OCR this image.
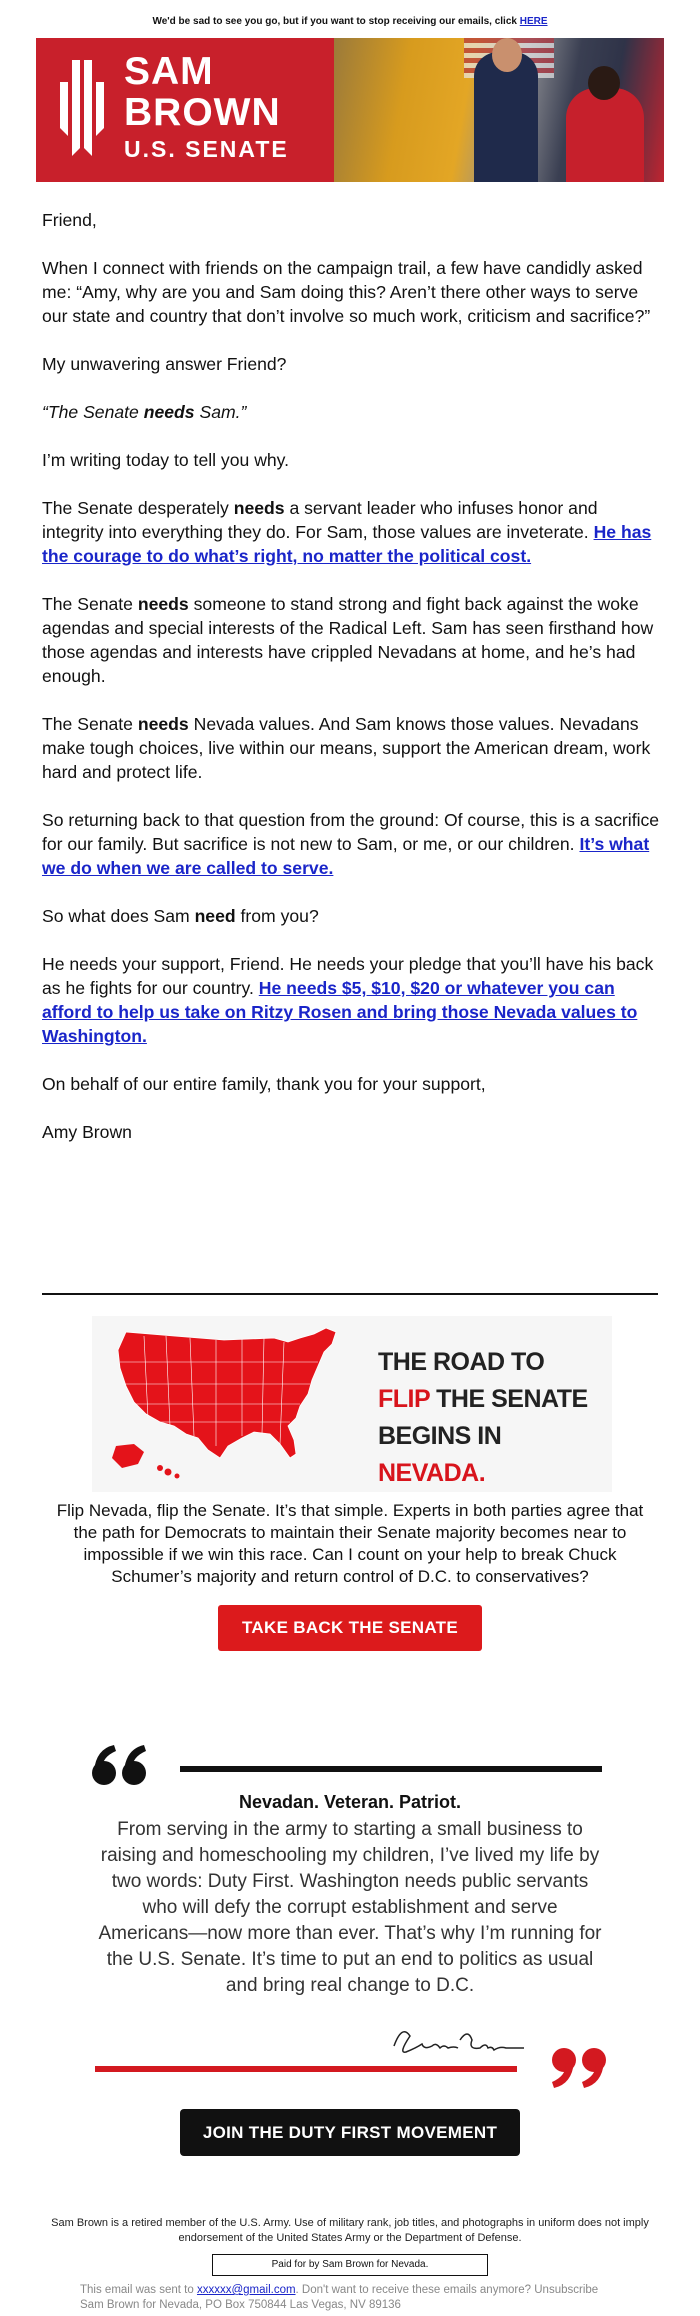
We'd be sad to see you go, but if you want to stop receiving our emails, click HERE
SAM
BROWN
U.S. SENATE

Friend,

When I connect with friends on the campaign trail, a few have candidly asked me: “Amy, why are you and Sam doing this? Aren’t there other ways to serve our state and country that don’t involve so much work, criticism and sacrifice?”

My unwavering answer Friend?

“The Senate needs Sam.”

I’m writing today to tell you why.

The Senate desperately needs a servant leader who infuses honor and integrity into everything they do. For Sam, those values are inveterate. He has the courage to do what’s right, no matter the political cost.

The Senate needs someone to stand strong and fight back against the woke agendas and special interests of the Radical Left. Sam has seen firsthand how those agendas and interests have crippled Nevadans at home, and he’s had enough.

The Senate needs Nevada values. And Sam knows those values. Nevadans make tough choices, live within our means, support the American dream, work hard and protect life.

So returning back to that question from the ground: Of course, this is a sacrifice for our family. But sacrifice is not new to Sam, or me, or our children. It’s what we do when we are called to serve.

So what does Sam need from you?

He needs your support, Friend. He needs your pledge that you’ll have his back as he fights for our country. He needs $5, $10, $20 or whatever you can afford to help us take on Ritzy Rosen and bring those Nevada values to Washington.

On behalf of our entire family, thank you for your support,

Amy Brown

THE ROAD TO
FLIP THE SENATE
BEGINS IN NEVADA.
Flip Nevada, flip the Senate. It’s that simple. Experts in both parties agree that the path for Democrats to maintain their Senate majority becomes near to impossible if we win this race. Can I count on your help to break Chuck Schumer’s majority and return control of D.C. to conservatives?
TAKE BACK THE SENATE
Nevadan. Veteran. Patriot.
From serving in the army to starting a small business to raising and homeschooling my children, I’ve lived my life by two words: Duty First. Washington needs public servants who will defy the corrupt establishment and serve Americans—now more than ever. That’s why I’m running for the U.S. Senate. It’s time to put an end to politics as usual and bring real change to D.C.
JOIN THE DUTY FIRST MOVEMENT
Sam Brown is a retired member of the U.S. Army. Use of military rank, job titles, and photographs in uniform does not imply endorsement of the United States Army or the Department of Defense.
Paid for by Sam Brown for Nevada.
This email was sent to xxxxxx@gmail.com. Don't want to receive these emails anymore? Unsubscribe
Sam Brown for Nevada, PO Box 750844 Las Vegas, NV 89136
